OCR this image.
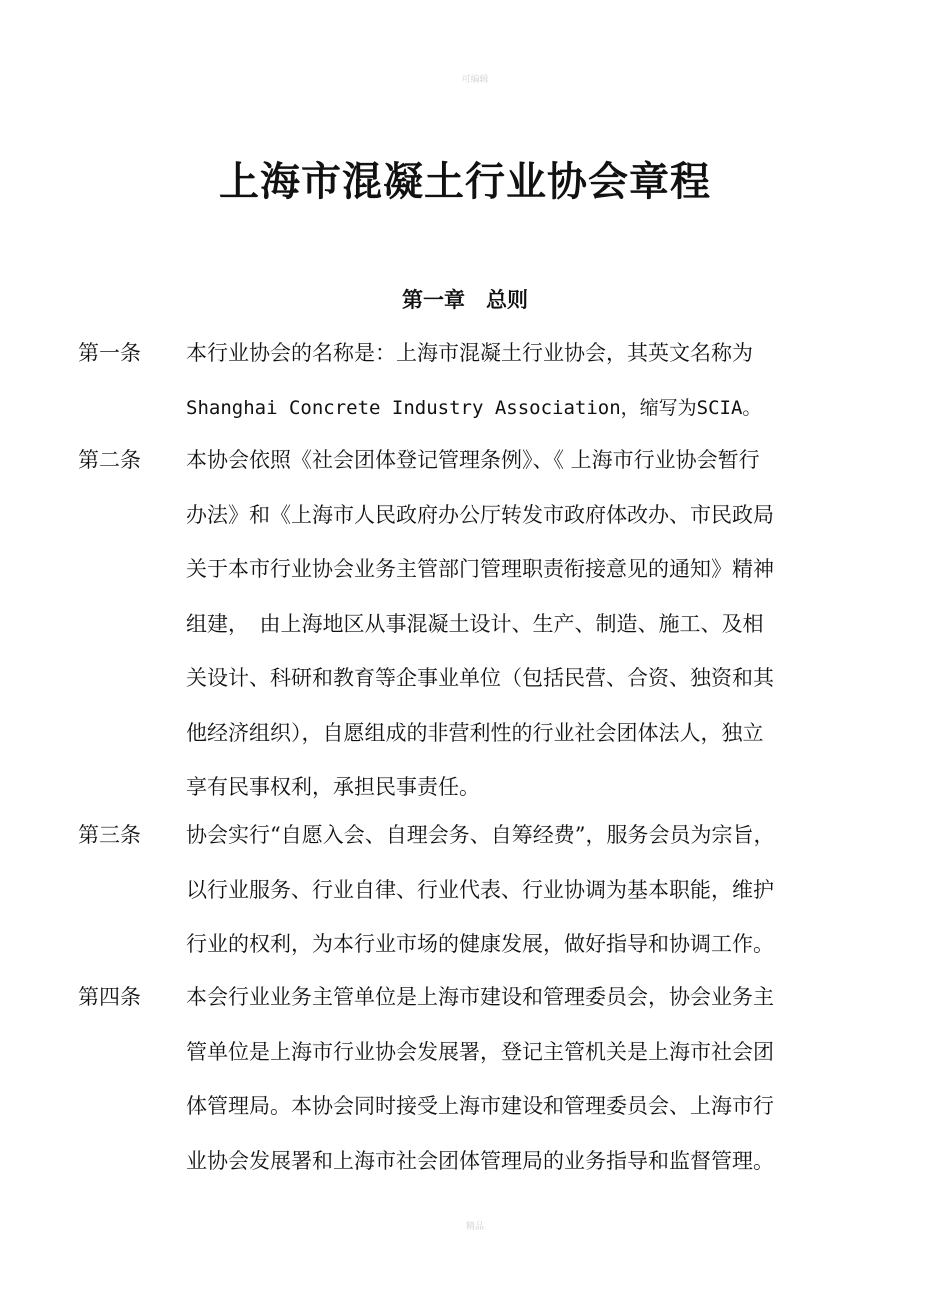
可编辑
上海市混凝土行业协会章程
第一章　总则
第一条	本行业协会的名称是：上海市混凝土行业协会，其英文名称为
Shanghai Concrete Industry Association，缩写为SCIA。
第二条	本协会依照《社会团体登记管理条例》、《 上海市行业协会暂行
办法》和《上海市人民政府办公厅转发市政府体改办、市民政局
关于本市行业协会业务主管部门管理职责衔接意见的通知》精神
组建，　由上海地区从事混凝土设计、生产、制造、施工、及相
关设计、科研和教育等企事业单位（包括民营、合资、独资和其
他经济组织），自愿组成的非营利性的行业社会团体法人，独立
享有民事权利，承担民事责任。
第三条	协会实行“自愿入会、自理会务、自筹经费”，服务会员为宗旨，
以行业服务、行业自律、行业代表、行业协调为基本职能，维护
行业的权利，为本行业市场的健康发展，做好指导和协调工作。
第四条	本会行业业务主管单位是上海市建设和管理委员会，协会业务主
管单位是上海市行业协会发展署，登记主管机关是上海市社会团
体管理局。本协会同时接受上海市建设和管理委员会、上海市行
业协会发展署和上海市社会团体管理局的业务指导和监督管理。
精品
